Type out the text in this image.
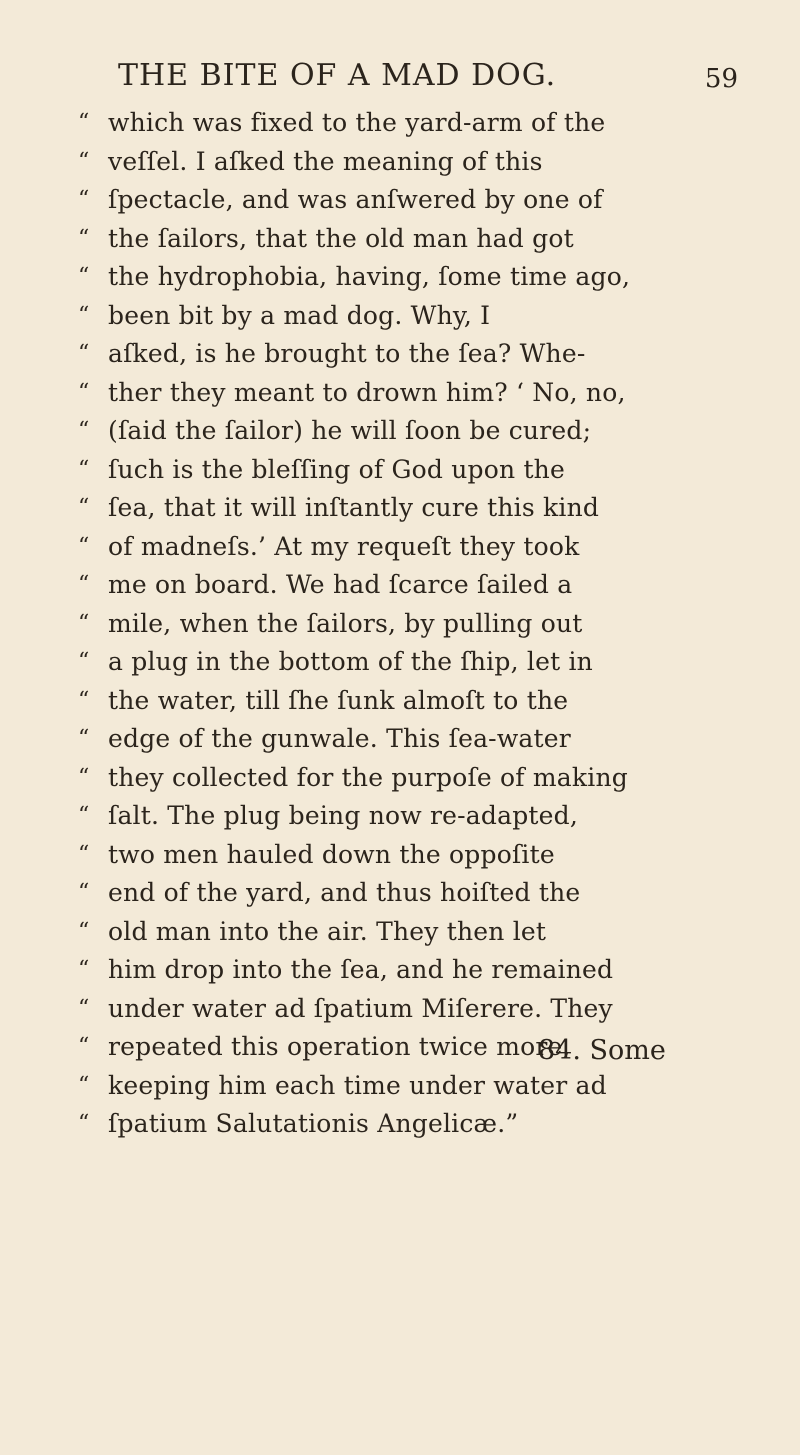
THE BITE OF A MAD DOG.	59
“ which was fixed to the yard-arm of the
“ veſſel. I aſked the meaning of this
“ ſpectacle, and was anſwered by one of
“ the ſailors, that the old man had got
“ the hydrophobia, having, ſome time ago,
“ been bit by a mad dog. Why, I
“ aſked, is he brought to the ſea? Whe-
“ ther they meant to drown him? ‘ No, no,
“ (ſaid the ſailor) he will ſoon be cured;
“ ſuch is the bleſſing of God upon the
“ ſea, that it will inſtantly cure this kind
“ of madneſs.’ At my requeſt they took
“ me on board. We had ſcarce ſailed a
“ mile, when the ſailors, by pulling out
“ a plug in the bottom of the ſhip, let in
“ the water, till ſhe ſunk almoſt to the
“ edge of the gunwale. This ſea-water
“ they collected for the purpoſe of making
“ ſalt. The plug being now re-adapted,
“ two men hauled down the oppoſite
“ end of the yard, and thus hoiſted the
“ old man into the air. They then let
“ him drop into the ſea, and he remained
“ under water ad ſpatium Miſerere. They
“ repeated this operation twice more,
“ keeping him each time under water ad
“ ſpatium Salutationis Angelicæ.”
84. Some
